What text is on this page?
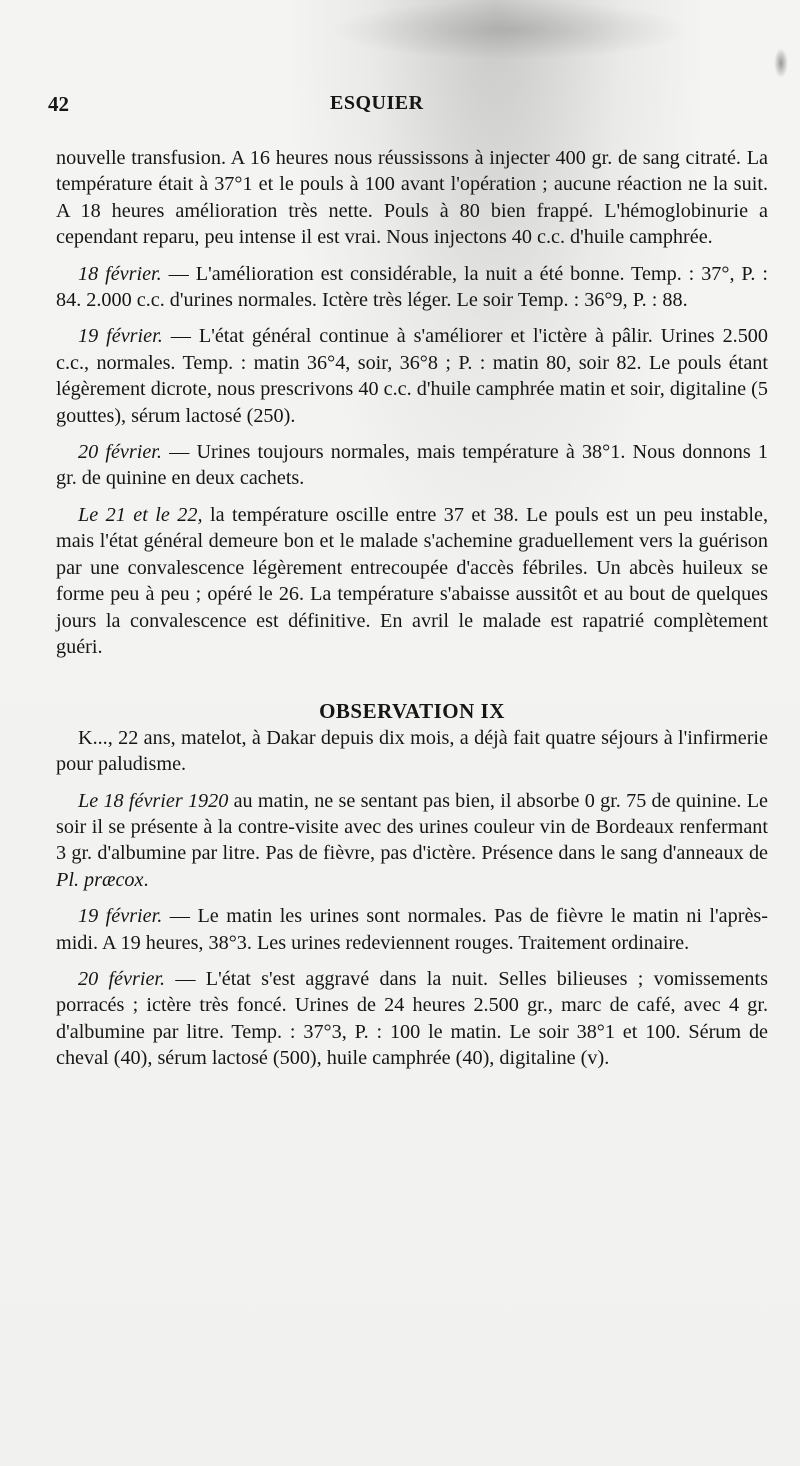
42	ESQUIER

nouvelle transfusion. A 16 heures nous réussissons à injecter 400 gr. de sang citraté. La température était à 37°1 et le pouls à 100 avant l'opération ; aucune réaction ne la suit. A 18 heures amélioration très nette. Pouls à 80 bien frappé. L'hémoglobinurie a cependant reparu, peu intense il est vrai. Nous injectons 40 c.c. d'huile camphrée.

18 février. — L'amélioration est considérable, la nuit a été bonne. Temp. : 37°, P. : 84. 2.000 c.c. d'urines normales. Ictère très léger. Le soir Temp. : 36°9, P. : 88.

19 février. — L'état général continue à s'améliorer et l'ictère à pâlir. Urines 2.500 c.c., normales. Temp. : matin 36°4, soir, 36°8 ; P. : matin 80, soir 82. Le pouls étant légèrement dicrote, nous prescrivons 40 c.c. d'huile camphrée matin et soir, digitaline (5 gouttes), sérum lactosé (250).

20 février. — Urines toujours normales, mais température à 38°1. Nous donnons 1 gr. de quinine en deux cachets.

Le 21 et le 22, la température oscille entre 37 et 38. Le pouls est un peu instable, mais l'état général demeure bon et le malade s'achemine graduellement vers la guérison par une convalescence légèrement entrecoupée d'accès fébriles. Un abcès huileux se forme peu à peu ; opéré le 26. La température s'abaisse aussitôt et au bout de quelques jours la convalescence est définitive. En avril le malade est rapatrié complètement guéri.

OBSERVATION IX

K..., 22 ans, matelot, à Dakar depuis dix mois, a déjà fait quatre séjours à l'infirmerie pour paludisme.

Le 18 février 1920 au matin, ne se sentant pas bien, il absorbe 0 gr. 75 de quinine. Le soir il se présente à la contre-visite avec des urines couleur vin de Bordeaux renfermant 3 gr. d'albumine par litre. Pas de fièvre, pas d'ictère. Présence dans le sang d'anneaux de Pl. præcox.

19 février. — Le matin les urines sont normales. Pas de fièvre le matin ni l'après-midi. A 19 heures, 38°3. Les urines redeviennent rouges. Traitement ordinaire.

20 février. — L'état s'est aggravé dans la nuit. Selles bilieuses ; vomissements porracés ; ictère très foncé. Urines de 24 heures 2.500 gr., marc de café, avec 4 gr. d'albumine par litre. Temp. : 37°3, P. : 100 le matin. Le soir 38°1 et 100. Sérum de cheval (40), sérum lactosé (500), huile camphrée (40), digitaline (v).
